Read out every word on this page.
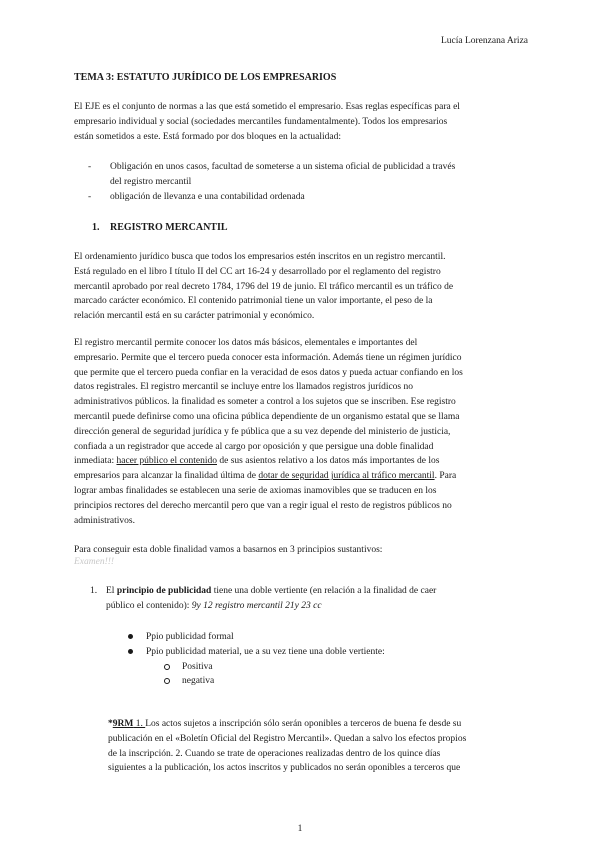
Lucía Lorenzana Ariza
TEMA 3: ESTATUTO JURÍDICO DE LOS EMPRESARIOS

El EJE es el conjunto de normas a las que está sometido el empresario. Esas reglas específicas para el
empresario individual y social (sociedades mercantiles fundamentalmente). Todos los empresarios
están sometidos a este. Está formado por dos bloques en la actualidad:

- Obligación en unos casos, facultad de someterse a un sistema oficial de publicidad a través
del registro mercantil
- obligación de llevanza e una contabilidad ordenada
1. REGISTRO MERCANTIL

El ordenamiento jurídico busca que todos los empresarios estén inscritos en un registro mercantil.
Está regulado en el libro I título II del CC art 16-24 y desarrollado por el reglamento del registro
mercantil aprobado por real decreto 1784, 1796 del 19 de junio. El tráfico mercantil es un tráfico de
marcado carácter económico. El contenido patrimonial tiene un valor importante, el peso de la
relación mercantil está en su carácter patrimonial y económico.

El registro mercantil permite conocer los datos más básicos, elementales e importantes del
empresario. Permite que el tercero pueda conocer esta información. Además tiene un régimen jurídico
que permite que el tercero pueda confiar en la veracidad de esos datos y pueda actuar confiando en los
datos registrales. El registro mercantil se incluye entre los llamados registros jurídicos no
administrativos públicos. la finalidad es someter a control a los sujetos que se inscriben. Ese registro
mercantil puede definirse como una oficina pública dependiente de un organismo estatal que se llama
dirección general de seguridad jurídica y fe pública que a su vez depende del ministerio de justicia,
confiada a un registrador que accede al cargo por oposición y que persigue una doble finalidad
inmediata: hacer público el contenido de sus asientos relativo a los datos más importantes de los
empresarios para alcanzar la finalidad última de dotar de seguridad jurídica al tráfico mercantil. Para
lograr ambas finalidades se establecen una serie de axiomas inamovibles que se traducen en los
principios rectores del derecho mercantil pero que van a regir igual el resto de registros públicos no
administrativos.

Para conseguir esta doble finalidad vamos a basarnos en 3 principios sustantivos:

Examen!!!
1. El principio de publicidad tiene una doble vertiente (en relación a la finalidad de caer
público el contenido): 9y 12 registro mercantil 21y 23 cc
Ppio publicidad formal
Ppio publicidad material, ue a su vez tiene una doble vertiente:
Positiva
negativa
*9RM 1. Los actos sujetos a inscripción sólo serán oponibles a terceros de buena fe desde su
publicación en el «Boletín Oficial del Registro Mercantil». Quedan a salvo los efectos propios
de la inscripción. 2. Cuando se trate de operaciones realizadas dentro de los quince días
siguientes a la publicación, los actos inscritos y publicados no serán oponibles a terceros que
1
